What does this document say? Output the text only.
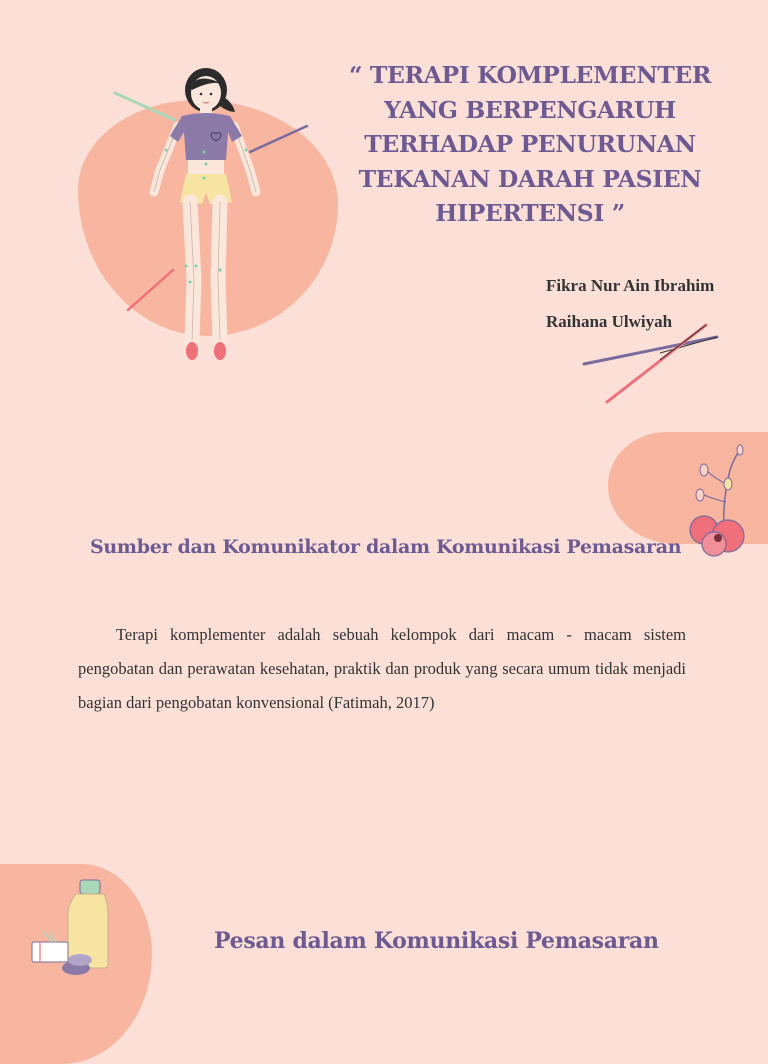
“ TERAPI KOMPLEMENTER YANG BERPENGARUH TERHADAP PENURUNAN TEKANAN DARAH PASIEN HIPERTENSI ”
Fikra Nur Ain Ibrahim
Raihana Ulwiyah
Sumber dan Komunikator dalam Komunikasi Pemasaran

Terapi komplementer adalah sebuah kelompok dari macam - macam sistem pengobatan dan perawatan kesehatan, praktik dan produk yang secara umum tidak menjadi bagian dari pengobatan konvensional (Fatimah, 2017)

Pesan dalam Komunikasi Pemasaran
